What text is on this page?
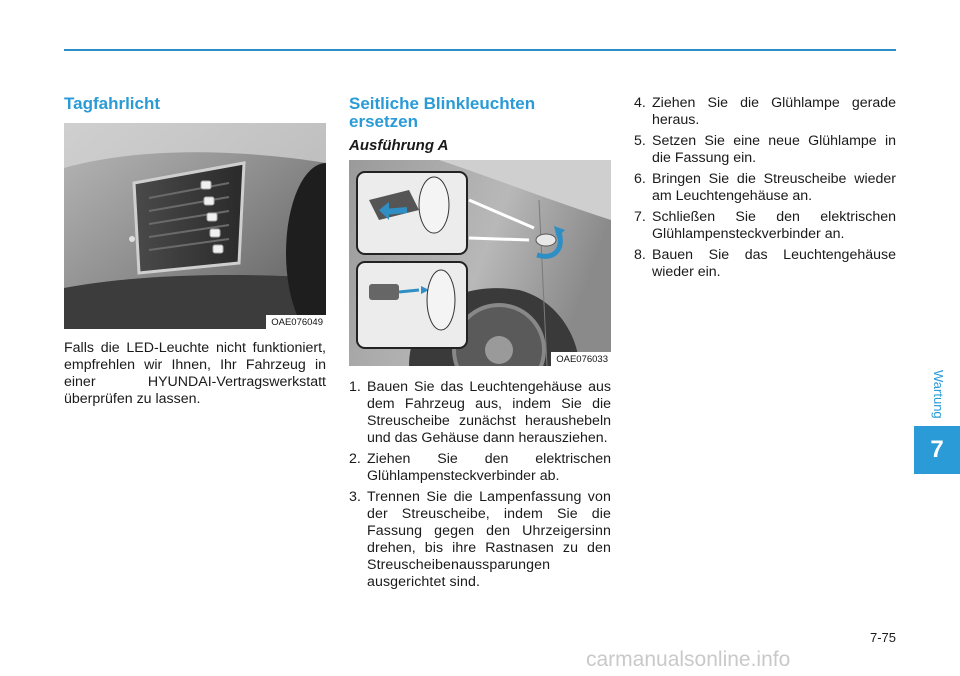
Tagfahrlicht
OAE076049

Falls die LED-Leuchte nicht funktioniert, empfrehlen wir Ihnen, Ihr Fahrzeug in einer HYUNDAI-Vertragswerkstatt überprüfen zu lassen.

Seitliche Blinkleuchten
ersetzen
Ausführung A
OAE076033
1. Bauen Sie das Leuchtengehäuse aus dem Fahrzeug aus, indem Sie die Streuscheibe zunächst heraushebeln und das Gehäuse dann herausziehen.
2. Ziehen Sie den elektrischen Glühlampensteckverbinder ab.
3. Trennen Sie die Lampenfassung von der Streuscheibe, indem Sie die Fassung gegen den Uhrzeigersinn drehen, bis ihre Rastnasen zu den Streuscheibenaussparungen ausgerichtet sind.
4. Ziehen Sie die Glühlampe gerade heraus.
5. Setzen Sie eine neue Glühlampe in die Fassung ein.
6. Bringen Sie die Streuscheibe wieder am Leuchtengehäuse an.
7. Schließen Sie den elektrischen Glühlampensteckverbinder an.
8. Bauen Sie das Leuchtengehäuse wieder ein.
Wartung
7
7-75
carmanualsonline.info
